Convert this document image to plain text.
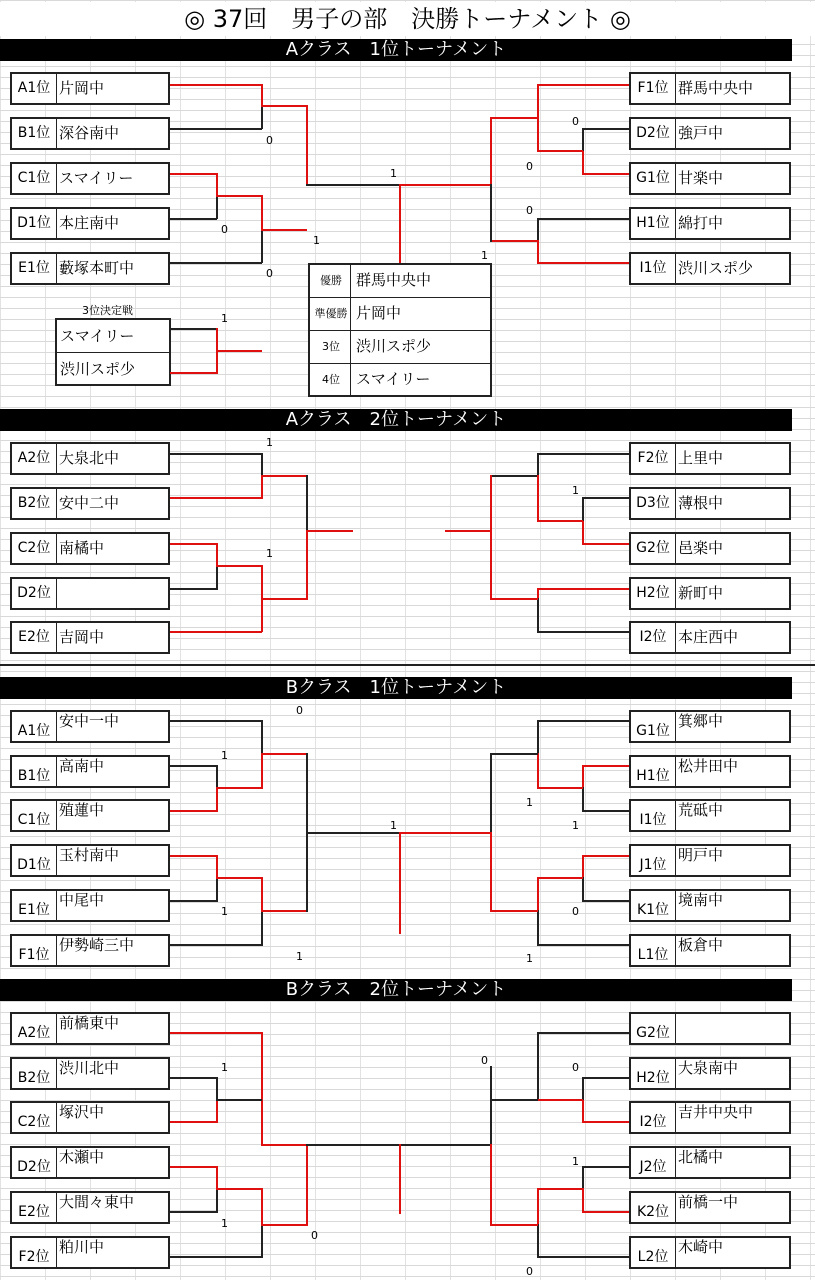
◎ 37回　男子の部　決勝トーナメント ◎
Aクラス　1位トーナメント
A1位 片岡中
B1位 深谷南中
C1位 スマイリー
D1位 本庄南中
E1位 藪塚本町中
F1位 群馬中央中
D2位 強戸中
G1位 甘楽中
H1位 綿打中
I1位 渋川スポ少
0
0
0
1
1
0
0
0
1
3位決定戦
スマイリー
渋川スポ少
1
優勝 群馬中央中
準優勝 片岡中
3位	渋川スポ少
4位	スマイリー
Aクラス　2位トーナメント
A2位 大泉北中
B2位 安中二中
C2位 南橘中
D2位
E2位 吉岡中
F2位 上里中
D3位 薄根中
G2位 邑楽中
H2位 新町中
I2位 本庄西中
1
1
1
Bクラス　1位トーナメント
A1位
安中一中
B1位
高南中
C1位
殖蓮中
D1位
玉村南中
E1位
中尾中
F1位
伊勢崎三中
G1位
箕郷中
H1位
松井田中
I1位
荒砥中
J1位
明戸中
K1位
境南中
L1位
板倉中
0
1
1
1
1
1
1
0
1
Bクラス　2位トーナメント
A2位
前橋東中
B2位
渋川北中
C2位
塚沢中
D2位
木瀬中
E2位
大間々東中
F2位
粕川中
G2位
H2位
大泉南中
I2位
吉井中央中
J2位
北橘中
K2位
前橋一中
L2位
木崎中
1
1
0
0
0
1
0
